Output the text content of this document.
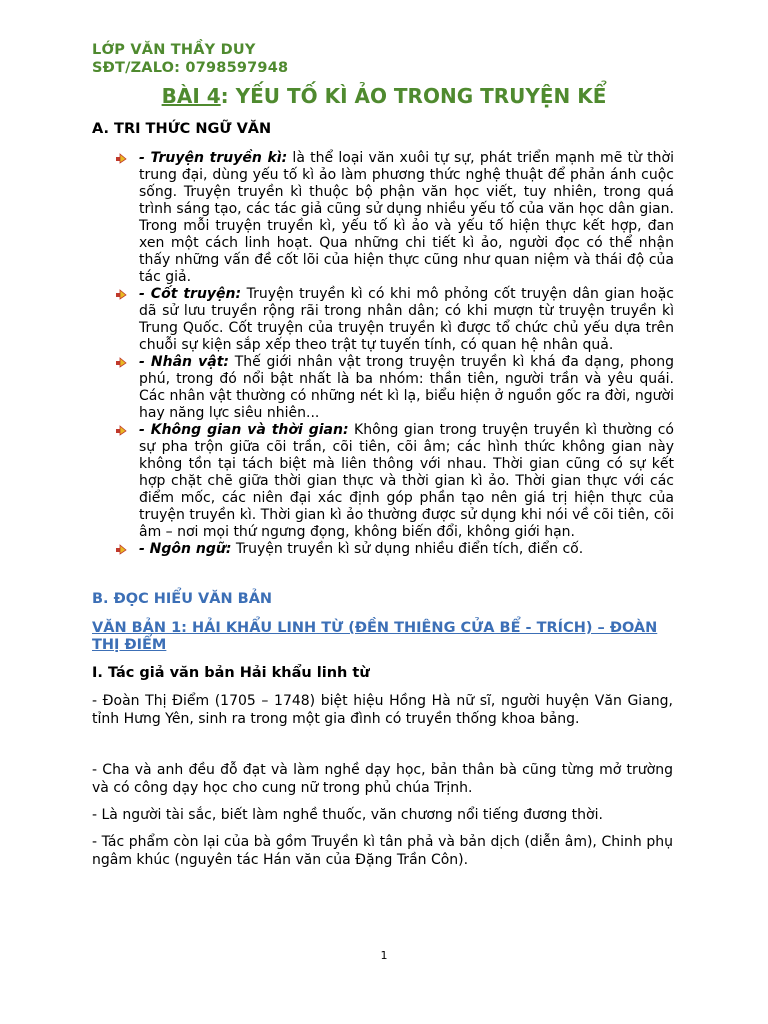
LỚP VĂN THẦY DUY
SĐT/ZALO: 0798597948
BÀI 4: YẾU TỐ KÌ ẢO TRONG TRUYỆN KỂ
A. TRI THỨC NGỮ VĂN
- Truyện truyền kì: là thể loại văn xuôi tự sự, phát triển mạnh mẽ từ thời trung đại, dùng yếu tố kì ảo làm phương thức nghệ thuật để phản ánh cuộc sống. Truyện truyền kì thuộc bộ phận văn học viết, tuy nhiên, trong quá trình sáng tạo, các tác giả cũng sử dụng nhiều yếu tố của văn học dân gian. Trong mỗi truyện truyền kì, yếu tố kì ảo và yếu tố hiện thực kết hợp, đan xen một cách linh hoạt. Qua những chi tiết kì ảo, người đọc có thể nhận thấy những vấn đề cốt lõi của hiện thực cũng như quan niệm và thái độ của tác giả.
- Cốt truyện: Truyện truyền kì có khi mô phỏng cốt truyện dân gian hoặc dã sử lưu truyền rộng rãi trong nhân dân; có khi mượn từ truyện truyền kì Trung Quốc. Cốt truyện của truyện truyền kì được tổ chức chủ yếu dựa trên chuỗi sự kiện sắp xếp theo trật tự tuyến tính, có quan hệ nhân quả.
- Nhân vật: Thế giới nhân vật trong truyện truyền kì khá đa dạng, phong phú, trong đó nổi bật nhất là ba nhóm: thần tiên, người trần và yêu quái. Các nhân vật thường có những nét kì lạ, biểu hiện ở nguồn gốc ra đời, người hay năng lực siêu nhiên...
- Không gian và thời gian: Không gian trong truyện truyền kì thường có sự pha trộn giữa cõi trần, cõi tiên, cõi âm; các hình thức không gian này không tồn tại tách biệt mà liên thông với nhau. Thời gian cũng có sự kết hợp chặt chẽ giữa thời gian thực và thời gian kì ảo. Thời gian thực với các điểm mốc, các niên đại xác định góp phần tạo nên giá trị hiện thực của truyện truyền kì. Thời gian kì ảo thường được sử dụng khi nói về cõi tiên, cõi âm – nơi mọi thứ ngưng đọng, không biến đổi, không giới hạn.
- Ngôn ngữ: Truyện truyền kì sử dụng nhiều điển tích, điển cố.
B. ĐỌC HIỂU VĂN BẢN
VĂN BẢN 1: HẢI KHẨU LINH TỪ (ĐỀN THIÊNG CỬA BỂ - TRÍCH) – ĐOÀN THỊ ĐIỂM
I. Tác giả văn bản Hải khẩu linh từ
- Đoàn Thị Điểm (1705 – 1748) biệt hiệu Hồng Hà nữ sĩ, người huyện Văn Giang, tỉnh Hưng Yên, sinh ra trong một gia đình có truyền thống khoa bảng.
- Cha và anh đều đỗ đạt và làm nghề dạy học, bản thân bà cũng từng mở trường và có công dạy học cho cung nữ trong phủ chúa Trịnh.
- Là người tài sắc, biết làm nghề thuốc, văn chương nổi tiếng đương thời.
- Tác phẩm còn lại của bà gồm Truyền kì tân phả và bản dịch (diễn âm), Chinh phụ ngâm khúc (nguyên tác Hán văn của Đặng Trần Côn).
1
